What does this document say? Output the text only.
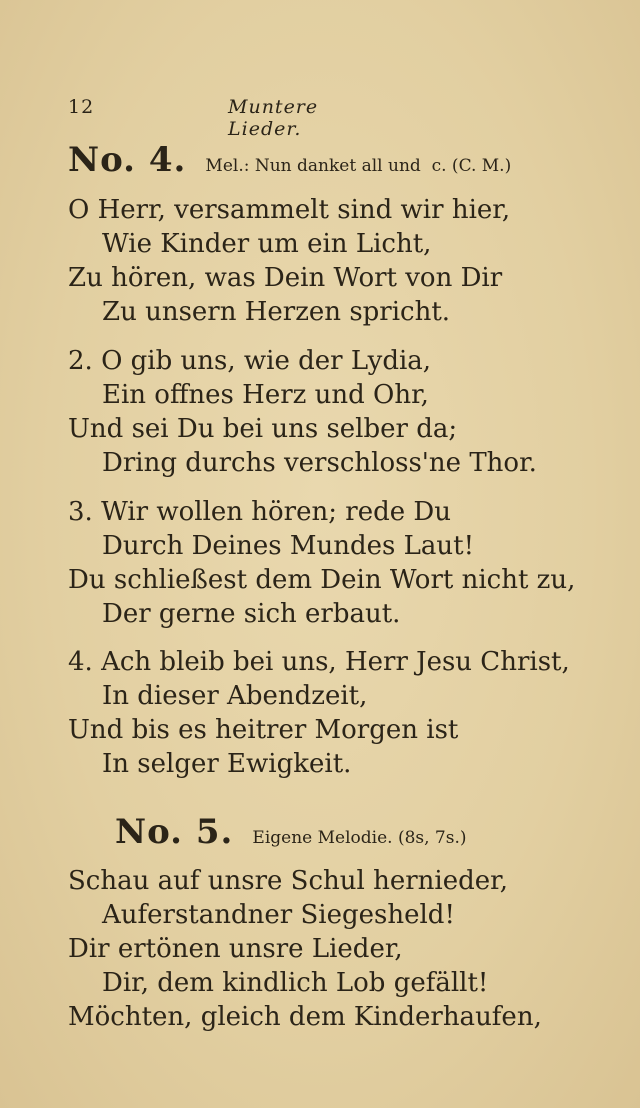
12	Muntere Lieder.
No. 4. Mel.: Nun danket all und  c. (C. M.)
O Herr, versammelt sind wir hier,
Wie Kinder um ein Licht,
Zu hören, was Dein Wort von Dir
Zu unsern Herzen spricht.
2. O gib uns, wie der Lydia,
Ein offnes Herz und Ohr,
Und sei Du bei uns selber da;
Dring durchs verschloss'ne Thor.
3. Wir wollen hören; rede Du
Durch Deines Mundes Laut!
Du schließest dem Dein Wort nicht zu,
Der gerne sich erbaut.
4. Ach bleib bei uns, Herr Jesu Christ,
In dieser Abendzeit,
Und bis es heitrer Morgen ist
In selger Ewigkeit.
No. 5. Eigene Melodie. (8s, 7s.)
Schau auf unsre Schul hernieder,
Auferstandner Siegesheld!
Dir ertönen unsre Lieder,
Dir, dem kindlich Lob gefällt!
Möchten, gleich dem Kinderhaufen,
